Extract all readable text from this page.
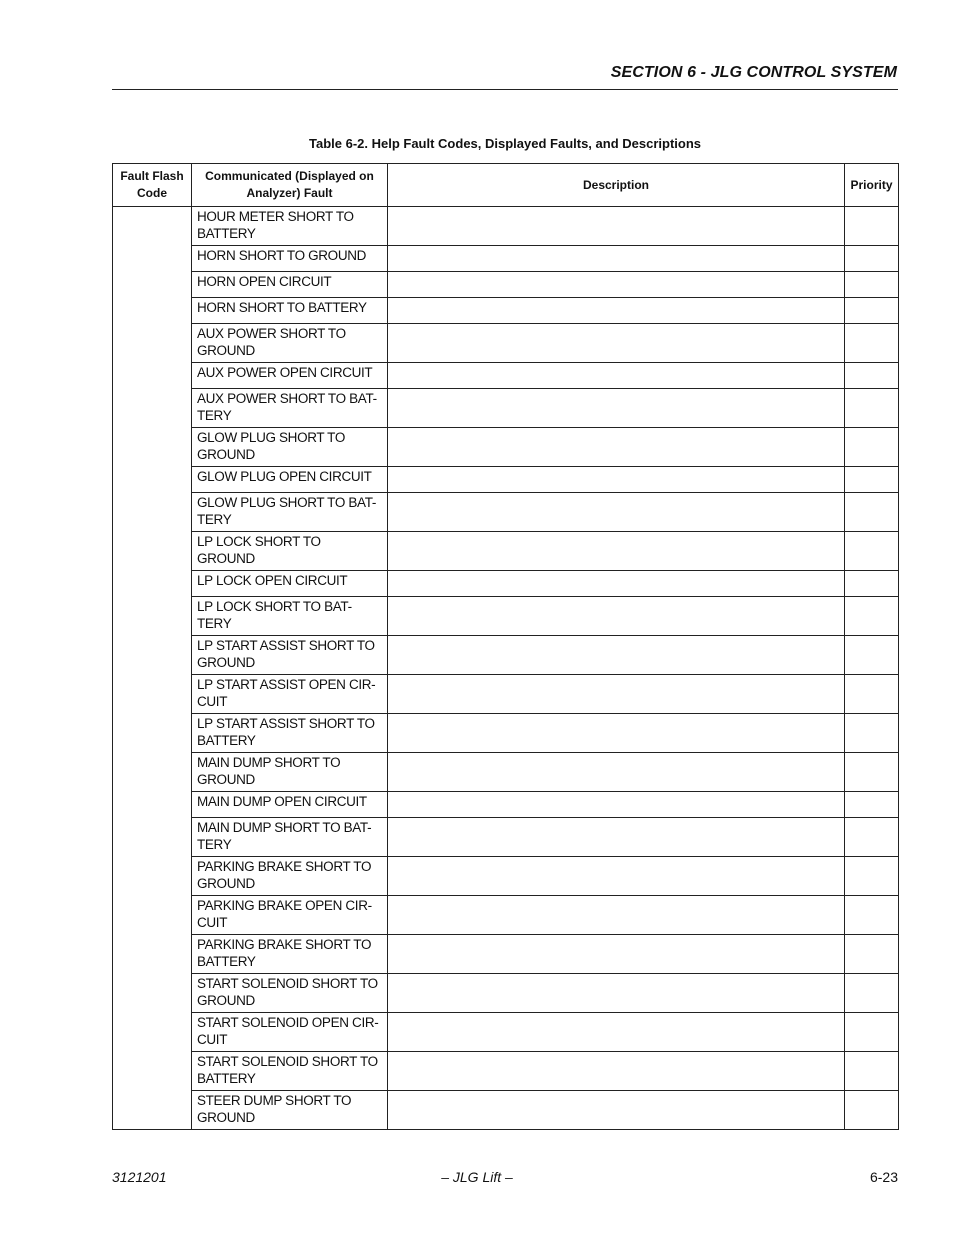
SECTION 6 - JLG CONTROL SYSTEM
Table 6-2. Help Fault Codes, Displayed Faults, and Descriptions
Fault Flash Code	Communicated (Displayed on Analyzer) Fault	Description	Priority
	HOUR METER SHORT TO
BATTERY		
	HORN SHORT TO GROUND		
	HORN OPEN CIRCUIT		
	HORN SHORT TO BATTERY		
	AUX POWER SHORT TO
GROUND		
	AUX POWER OPEN CIRCUIT		
	AUX POWER SHORT TO BAT-
TERY		
	GLOW PLUG SHORT TO
GROUND		
	GLOW PLUG OPEN CIRCUIT		
	GLOW PLUG SHORT TO BAT-
TERY		
	LP LOCK SHORT TO
GROUND		
	LP LOCK OPEN CIRCUIT		
	LP LOCK SHORT TO BAT-
TERY		
	LP START ASSIST SHORT TO
GROUND		
	LP START ASSIST OPEN CIR-
CUIT		
	LP START ASSIST SHORT TO
BATTERY		
	MAIN DUMP SHORT TO
GROUND		
	MAIN DUMP OPEN CIRCUIT		
	MAIN DUMP SHORT TO BAT-
TERY		
	PARKING BRAKE SHORT TO
GROUND		
	PARKING BRAKE OPEN CIR-
CUIT		
	PARKING BRAKE SHORT TO
BATTERY		
	START SOLENOID SHORT TO
GROUND		
	START SOLENOID OPEN CIR-
CUIT		
	START SOLENOID SHORT TO
BATTERY		
	STEER DUMP SHORT TO
GROUND		
3121201	– JLG Lift –	6-23
